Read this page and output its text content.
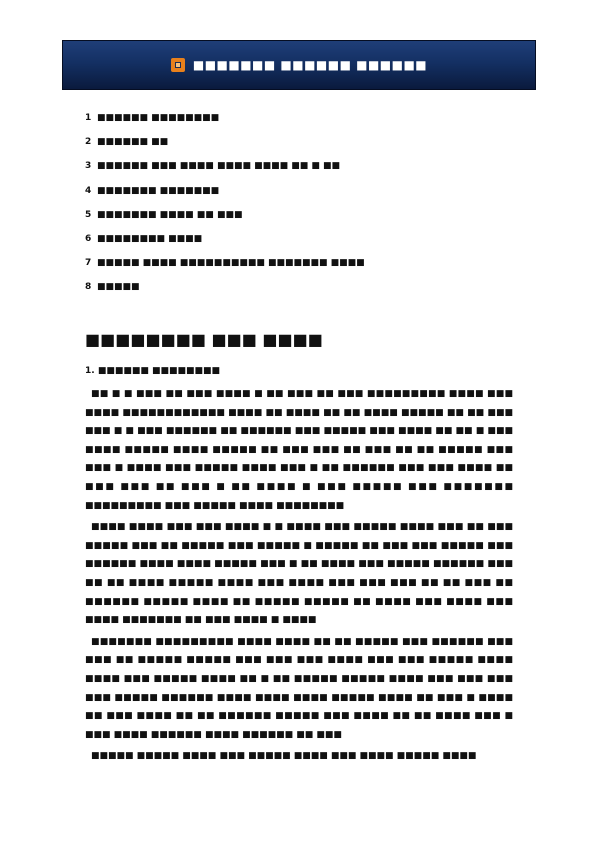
■■■■■■■ ■■■■■■ ■■■■■■
1 ■■■■■■ ■■■■■■■■
2 ■■■■■■ ■■
3 ■■■■■■ ■■■ ■■■■ ■■■■ ■■■■ ■■ ■ ■■
4 ■■■■■■■ ■■■■■■■
5 ■■■■■■■ ■■■■ ■■ ■■■
6 ■■■■■■■■ ■■■■
7 ■■■■■ ■■■■ ■■■■■■■■■■ ■■■■■■■ ■■■■
8 ■■■■■
■■■■■■■■ ■■■ ■■■■
1. ■■■■■■ ■■■■■■■■

■■ ■ ■ ■■■ ■■ ■■■ ■■■■ ■ ■■ ■■■ ■■ ■■■ ■■■■■■■■■ ■■■■ ■■■ ■■■■ ■■■■■■■■■■■■ ■■■■ ■■ ■■■■ ■■ ■■ ■■■■ ■■■■■ ■■ ■■ ■■■ ■■■ ■ ■ ■■■ ■■■■■■ ■■ ■■■■■■ ■■■ ■■■■■ ■■■ ■■■■ ■■ ■■ ■ ■■■ ■■■■ ■■■■■ ■■■■ ■■■■■ ■■ ■■■ ■■■ ■■ ■■■ ■■ ■■ ■■■■■ ■■■ ■■■ ■ ■■■■ ■■■ ■■■■■ ■■■■ ■■■ ■ ■■ ■■■■■■ ■■■ ■■■ ■■■■ ■■ ■■■ ■■■ ■■ ■■■ ■ ■■ ■■■■ ■ ■■■ ■■■■■ ■■■ ■■■■■■■ ■■■■■■■■■ ■■■ ■■■■■ ■■■■ ■■■■■■■■

■■■■ ■■■■ ■■■ ■■■ ■■■■ ■ ■ ■■■■ ■■■ ■■■■■ ■■■■ ■■■ ■■ ■■■ ■■■■■ ■■■ ■■ ■■■■■ ■■■ ■■■■■ ■ ■■■■■ ■■ ■■■ ■■■ ■■■■■ ■■■ ■■■■■■ ■■■■ ■■■■ ■■■■■ ■■■ ■ ■■ ■■■■ ■■■ ■■■■■ ■■■■■■ ■■■ ■■ ■■ ■■■■ ■■■■■ ■■■■ ■■■ ■■■■ ■■■ ■■■ ■■■ ■■ ■■ ■■■ ■■ ■■■■■■ ■■■■■ ■■■■ ■■ ■■■■■ ■■■■■ ■■ ■■■■ ■■■ ■■■■ ■■■ ■■■■ ■■■■■■■ ■■ ■■■ ■■■■ ■ ■■■■

■■■■■■■ ■■■■■■■■■ ■■■■ ■■■■ ■■ ■■ ■■■■■ ■■■ ■■■■■■ ■■■ ■■■ ■■ ■■■■■ ■■■■■ ■■■ ■■■ ■■■ ■■■■ ■■■ ■■■ ■■■■■ ■■■■ ■■■■ ■■■ ■■■■■ ■■■■ ■■ ■ ■■ ■■■■■ ■■■■■ ■■■■ ■■■ ■■■ ■■■ ■■■ ■■■■■ ■■■■■■ ■■■■ ■■■■ ■■■■ ■■■■■ ■■■■ ■■ ■■■ ■ ■■■■ ■■ ■■■ ■■■■ ■■ ■■ ■■■■■■ ■■■■■ ■■■ ■■■■ ■■ ■■ ■■■■ ■■■ ■ ■■■ ■■■■ ■■■■■■ ■■■■ ■■■■■■ ■■ ■■■

■■■■■ ■■■■■ ■■■■ ■■■ ■■■■■ ■■■■ ■■■ ■■■■ ■■■■■ ■■■■
